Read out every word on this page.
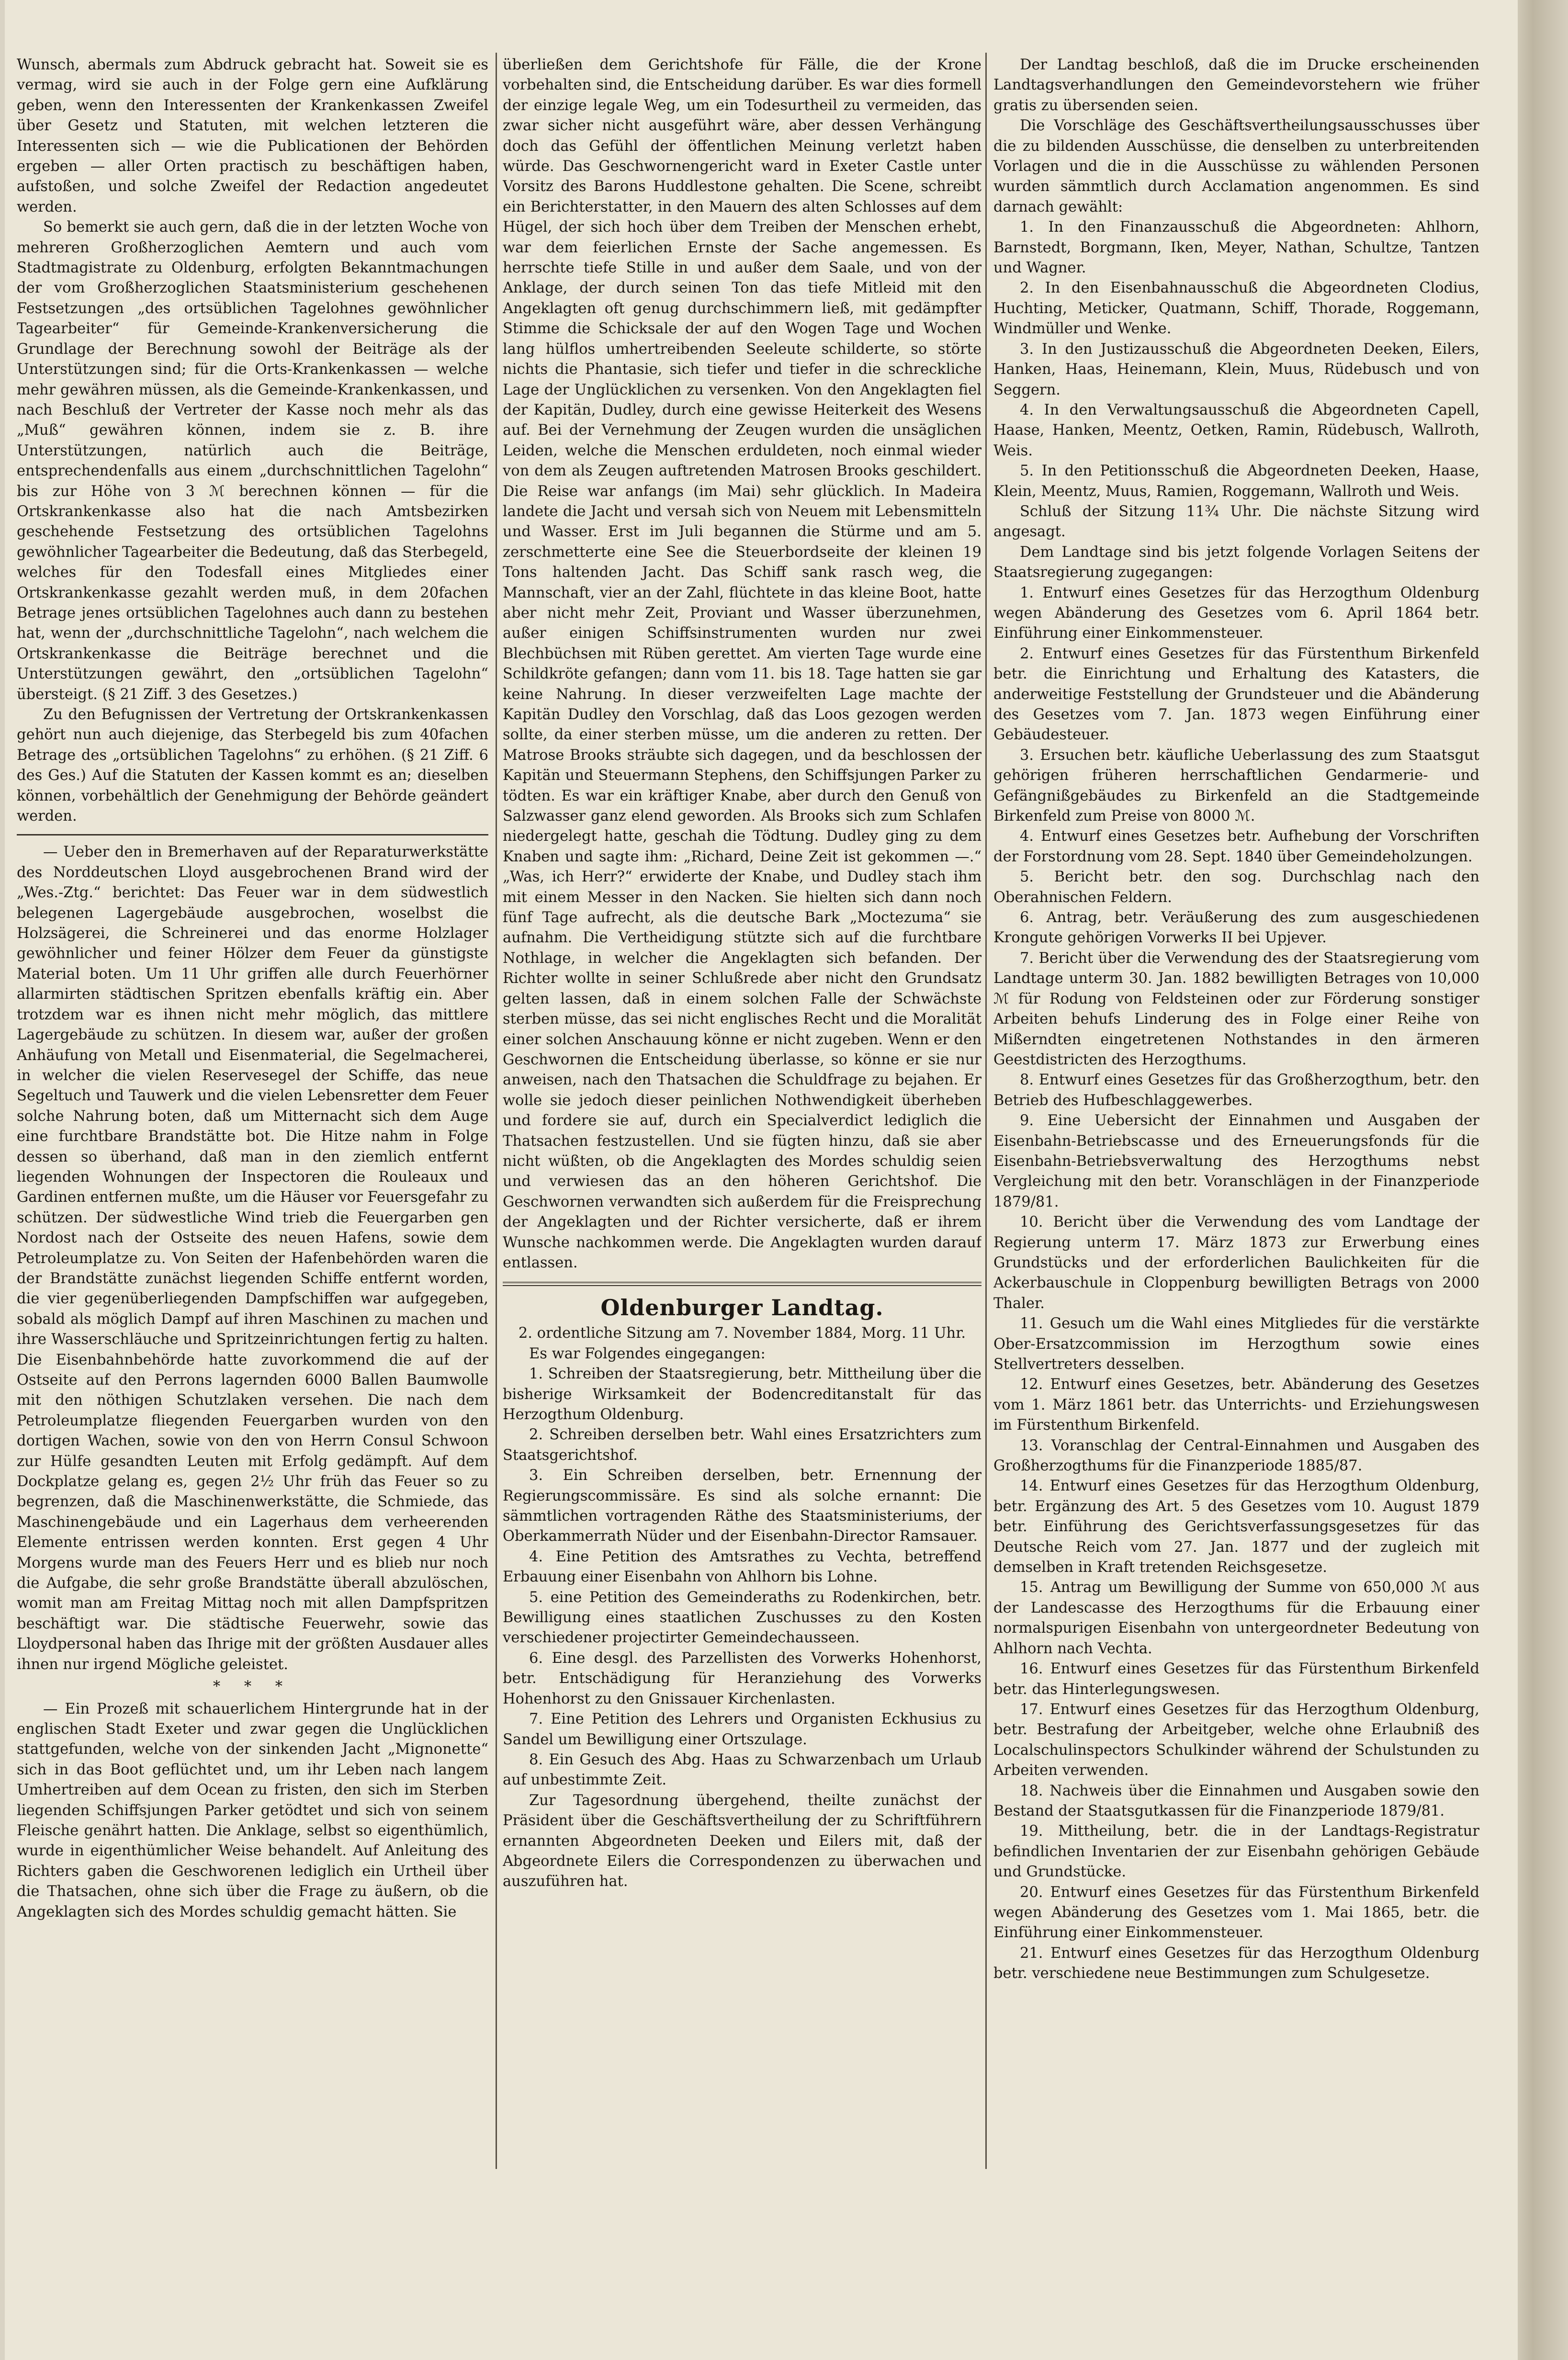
Wunsch, abermals zum Abdruck gebracht hat. Soweit sie es vermag, wird sie auch in der Folge gern eine Aufklärung geben, wenn den Interessenten der Krankenkassen Zweifel über Gesetz und Statuten, mit welchen letzteren die Interessenten sich — wie die Publicationen der Behörden ergeben — aller Orten practisch zu beschäftigen haben, aufstoßen, und solche Zweifel der Redaction angedeutet werden.

So bemerkt sie auch gern, daß die in der letzten Woche von mehreren Großherzoglichen Aemtern und auch vom Stadtmagistrate zu Oldenburg, erfolgten Bekanntmachungen der vom Großherzoglichen Staatsministerium geschehenen Festsetzungen „des ortsüblichen Tagelohnes gewöhnlicher Tagearbeiter“ für Gemeinde-Krankenversicherung die Grundlage der Berechnung sowohl der Beiträge als der Unterstützungen sind; für die Orts-Krankenkassen — welche mehr gewähren müssen, als die Gemeinde-Krankenkassen, und nach Beschluß der Vertreter der Kasse noch mehr als das „Muß“ gewähren können, indem sie z. B. ihre Unterstützungen, natürlich auch die Beiträge, entsprechendenfalls aus einem „durchschnittlichen Tagelohn“ bis zur Höhe von 3 ℳ berechnen können — für die Ortskrankenkasse also hat die nach Amtsbezirken geschehende Festsetzung des ortsüblichen Tagelohns gewöhnlicher Tagearbeiter die Bedeutung, daß das Sterbegeld, welches für den Todesfall eines Mitgliedes einer Ortskrankenkasse gezahlt werden muß, in dem 20fachen Betrage jenes ortsüblichen Tagelohnes auch dann zu bestehen hat, wenn der „durchschnittliche Tagelohn“, nach welchem die Ortskrankenkasse die Beiträge berechnet und die Unterstützungen gewährt, den „ortsüblichen Tagelohn“ übersteigt. (§ 21 Ziff. 3 des Gesetzes.)

Zu den Befugnissen der Vertretung der Ortskrankenkassen gehört nun auch diejenige, das Sterbegeld bis zum 40fachen Betrage des „ortsüblichen Tagelohns“ zu erhöhen. (§ 21 Ziff. 6 des Ges.) Auf die Statuten der Kassen kommt es an; dieselben können, vorbehältlich der Genehmigung der Behörde geändert werden.

— Ueber den in Bremerhaven auf der Reparaturwerkstätte des Norddeutschen Lloyd ausgebrochenen Brand wird der „Wes.-Ztg.“ berichtet: Das Feuer war in dem südwestlich belegenen Lagergebäude ausgebrochen, woselbst die Holzsägerei, die Schreinerei und das enorme Holzlager gewöhnlicher und feiner Hölzer dem Feuer da günstigste Material boten. Um 11 Uhr griffen alle durch Feuerhörner allarmirten städtischen Spritzen ebenfalls kräftig ein. Aber trotzdem war es ihnen nicht mehr möglich, das mittlere Lagergebäude zu schützen. In diesem war, außer der großen Anhäufung von Metall und Eisenmaterial, die Segelmacherei, in welcher die vielen Reservesegel der Schiffe, das neue Segeltuch und Tauwerk und die vielen Lebensretter dem Feuer solche Nahrung boten, daß um Mitternacht sich dem Auge eine furchtbare Brandstätte bot. Die Hitze nahm in Folge dessen so überhand, daß man in den ziemlich entfernt liegenden Wohnungen der Inspectoren die Rouleaux und Gardinen entfernen mußte, um die Häuser vor Feuersgefahr zu schützen. Der südwestliche Wind trieb die Feuergarben gen Nordost nach der Ostseite des neuen Hafens, sowie dem Petroleumplatze zu. Von Seiten der Hafenbehörden waren die der Brandstätte zunächst liegenden Schiffe entfernt worden, die vier gegenüberliegenden Dampfschiffen war aufgegeben, sobald als möglich Dampf auf ihren Maschinen zu machen und ihre Wasserschläuche und Spritzeinrichtungen fertig zu halten. Die Eisenbahnbehörde hatte zuvorkommend die auf der Ostseite auf den Perrons lagernden 6000 Ballen Baumwolle mit den nöthigen Schutzlaken versehen. Die nach dem Petroleumplatze fliegenden Feuergarben wurden von den dortigen Wachen, sowie von den von Herrn Consul Schwoon zur Hülfe gesandten Leuten mit Erfolg gedämpft. Auf dem Dockplatze gelang es, gegen 2½ Uhr früh das Feuer so zu begrenzen, daß die Maschinenwerkstätte, die Schmiede, das Maschinengebäude und ein Lagerhaus dem verheerenden Elemente entrissen werden konnten. Erst gegen 4 Uhr Morgens wurde man des Feuers Herr und es blieb nur noch die Aufgabe, die sehr große Brandstätte überall abzulöschen, womit man am Freitag Mittag noch mit allen Dampfspritzen beschäftigt war. Die städtische Feuerwehr, sowie das Lloydpersonal haben das Ihrige mit der größten Ausdauer alles ihnen nur irgend Mögliche geleistet.

* * *

— Ein Prozeß mit schauerlichem Hintergrunde hat in der englischen Stadt Exeter und zwar gegen die Unglücklichen stattgefunden, welche von der sinkenden Jacht „Mignonette“ sich in das Boot geflüchtet und, um ihr Leben nach langem Umhertreiben auf dem Ocean zu fristen, den sich im Sterben liegenden Schiffsjungen Parker getödtet und sich von seinem Fleische genährt hatten. Die Anklage, selbst so eigenthümlich, wurde in eigenthümlicher Weise behandelt. Auf Anleitung des Richters gaben die Geschworenen lediglich ein Urtheil über die Thatsachen, ohne sich über die Frage zu äußern, ob die Angeklagten sich des Mordes schuldig gemacht hätten. Sie

überließen dem Gerichtshofe für Fälle, die der Krone vorbehalten sind, die Entscheidung darüber. Es war dies formell der einzige legale Weg, um ein Todesurtheil zu vermeiden, das zwar sicher nicht ausgeführt wäre, aber dessen Verhängung doch das Gefühl der öffentlichen Meinung verletzt haben würde. Das Geschwornengericht ward in Exeter Castle unter Vorsitz des Barons Huddlestone gehalten. Die Scene, schreibt ein Berichterstatter, in den Mauern des alten Schlosses auf dem Hügel, der sich hoch über dem Treiben der Menschen erhebt, war dem feierlichen Ernste der Sache angemessen. Es herrschte tiefe Stille in und außer dem Saale, und von der Anklage, der durch seinen Ton das tiefe Mitleid mit den Angeklagten oft genug durchschimmern ließ, mit gedämpfter Stimme die Schicksale der auf den Wogen Tage und Wochen lang hülflos umhertreibenden Seeleute schilderte, so störte nichts die Phantasie, sich tiefer und tiefer in die schreckliche Lage der Unglücklichen zu versenken. Von den Angeklagten fiel der Kapitän, Dudley, durch eine gewisse Heiterkeit des Wesens auf. Bei der Vernehmung der Zeugen wurden die unsäglichen Leiden, welche die Menschen erduldeten, noch einmal wieder von dem als Zeugen auftretenden Matrosen Brooks geschildert. Die Reise war anfangs (im Mai) sehr glücklich. In Madeira landete die Jacht und versah sich von Neuem mit Lebensmitteln und Wasser. Erst im Juli begannen die Stürme und am 5. zerschmetterte eine See die Steuerbordseite der kleinen 19 Tons haltenden Jacht. Das Schiff sank rasch weg, die Mannschaft, vier an der Zahl, flüchtete in das kleine Boot, hatte aber nicht mehr Zeit, Proviant und Wasser überzunehmen, außer einigen Schiffsinstrumenten wurden nur zwei Blechbüchsen mit Rüben gerettet. Am vierten Tage wurde eine Schildkröte gefangen; dann vom 11. bis 18. Tage hatten sie gar keine Nahrung. In dieser verzweifelten Lage machte der Kapitän Dudley den Vorschlag, daß das Loos gezogen werden sollte, da einer sterben müsse, um die anderen zu retten. Der Matrose Brooks sträubte sich dagegen, und da beschlossen der Kapitän und Steuermann Stephens, den Schiffsjungen Parker zu tödten. Es war ein kräftiger Knabe, aber durch den Genuß von Salzwasser ganz elend geworden. Als Brooks sich zum Schlafen niedergelegt hatte, geschah die Tödtung. Dudley ging zu dem Knaben und sagte ihm: „Richard, Deine Zeit ist gekommen —.“ „Was, ich Herr?“ erwiderte der Knabe, und Dudley stach ihm mit einem Messer in den Nacken. Sie hielten sich dann noch fünf Tage aufrecht, als die deutsche Bark „Moctezuma“ sie aufnahm. Die Vertheidigung stützte sich auf die furchtbare Nothlage, in welcher die Angeklagten sich befanden. Der Richter wollte in seiner Schlußrede aber nicht den Grundsatz gelten lassen, daß in einem solchen Falle der Schwächste sterben müsse, das sei nicht englisches Recht und die Moralität einer solchen Anschauung könne er nicht zugeben. Wenn er den Geschwornen die Entscheidung überlasse, so könne er sie nur anweisen, nach den Thatsachen die Schuldfrage zu bejahen. Er wolle sie jedoch dieser peinlichen Nothwendigkeit überheben und fordere sie auf, durch ein Specialverdict lediglich die Thatsachen festzustellen. Und sie fügten hinzu, daß sie aber nicht wüßten, ob die Angeklagten des Mordes schuldig seien und verwiesen das an den höheren Gerichtshof. Die Geschwornen verwandten sich außerdem für die Freisprechung der Angeklagten und der Richter versicherte, daß er ihrem Wunsche nachkommen werde. Die Angeklagten wurden darauf entlassen.

Oldenburger Landtag.

2. ordentliche Sitzung am 7. November 1884, Morg. 11 Uhr.

Es war Folgendes eingegangen:

1. Schreiben der Staatsregierung, betr. Mittheilung über die bisherige Wirksamkeit der Bodencreditanstalt für das Herzogthum Oldenburg.

2. Schreiben derselben betr. Wahl eines Ersatzrichters zum Staatsgerichtshof.

3. Ein Schreiben derselben, betr. Ernennung der Regierungscommissäre. Es sind als solche ernannt: Die sämmtlichen vortragenden Räthe des Staatsministeriums, der Oberkammerrath Nüder und der Eisenbahn-Director Ramsauer.

4. Eine Petition des Amtsrathes zu Vechta, betreffend Erbauung einer Eisenbahn von Ahlhorn bis Lohne.

5. eine Petition des Gemeinderaths zu Rodenkirchen, betr. Bewilligung eines staatlichen Zuschusses zu den Kosten verschiedener projectirter Gemeindechausseen.

6. Eine desgl. des Parzellisten des Vorwerks Hohenhorst, betr. Entschädigung für Heranziehung des Vorwerks Hohenhorst zu den Gnissauer Kirchenlasten.

7. Eine Petition des Lehrers und Organisten Eckhusius zu Sandel um Bewilligung einer Ortszulage.

8. Ein Gesuch des Abg. Haas zu Schwarzenbach um Urlaub auf unbestimmte Zeit.

Zur Tagesordnung übergehend, theilte zunächst der Präsident über die Geschäftsvertheilung der zu Schriftführern ernannten Abgeordneten Deeken und Eilers mit, daß der Abgeordnete Eilers die Correspondenzen zu überwachen und auszuführen hat.

Der Landtag beschloß, daß die im Drucke erscheinenden Landtagsverhandlungen den Gemeindevorstehern wie früher gratis zu übersenden seien.

Die Vorschläge des Geschäftsvertheilungsausschusses über die zu bildenden Ausschüsse, die denselben zu unterbreitenden Vorlagen und die in die Ausschüsse zu wählenden Personen wurden sämmtlich durch Acclamation angenommen. Es sind darnach gewählt:

1. In den Finanzausschuß die Abgeordneten: Ahlhorn, Barnstedt, Borgmann, Iken, Meyer, Nathan, Schultze, Tantzen und Wagner.

2. In den Eisenbahnausschuß die Abgeordneten Clodius, Huchting, Meticker, Quatmann, Schiff, Thorade, Roggemann, Windmüller und Wenke.

3. In den Justizausschuß die Abgeordneten Deeken, Eilers, Hanken, Haas, Heinemann, Klein, Muus, Rüdebusch und von Seggern.

4. In den Verwaltungsausschuß die Abgeordneten Capell, Haase, Hanken, Meentz, Oetken, Ramin, Rüdebusch, Wallroth, Weis.

5. In den Petitionsschuß die Abgeordneten Deeken, Haase, Klein, Meentz, Muus, Ramien, Roggemann, Wallroth und Weis.

Schluß der Sitzung 11¾ Uhr. Die nächste Sitzung wird angesagt.

Dem Landtage sind bis jetzt folgende Vorlagen Seitens der Staatsregierung zugegangen:

1. Entwurf eines Gesetzes für das Herzogthum Oldenburg wegen Abänderung des Gesetzes vom 6. April 1864 betr. Einführung einer Einkommensteuer.

2. Entwurf eines Gesetzes für das Fürstenthum Birkenfeld betr. die Einrichtung und Erhaltung des Katasters, die anderweitige Feststellung der Grundsteuer und die Abänderung des Gesetzes vom 7. Jan. 1873 wegen Einführung einer Gebäudesteuer.

3. Ersuchen betr. käufliche Ueberlassung des zum Staatsgut gehörigen früheren herrschaftlichen Gendarmerie- und Gefängnißgebäudes zu Birkenfeld an die Stadtgemeinde Birkenfeld zum Preise von 8000 ℳ.

4. Entwurf eines Gesetzes betr. Aufhebung der Vorschriften der Forstordnung vom 28. Sept. 1840 über Gemeindeholzungen.

5. Bericht betr. den sog. Durchschlag nach den Oberahnischen Feldern.

6. Antrag, betr. Veräußerung des zum ausgeschiedenen Krongute gehörigen Vorwerks II bei Upjever.

7. Bericht über die Verwendung des der Staatsregierung vom Landtage unterm 30. Jan. 1882 bewilligten Betrages von 10,000 ℳ für Rodung von Feldsteinen oder zur Förderung sonstiger Arbeiten behufs Linderung des in Folge einer Reihe von Mißerndten eingetretenen Nothstandes in den ärmeren Geestdistricten des Herzogthums.

8. Entwurf eines Gesetzes für das Großherzogthum, betr. den Betrieb des Hufbeschlaggewerbes.

9. Eine Uebersicht der Einnahmen und Ausgaben der Eisenbahn-Betriebscasse und des Erneuerungsfonds für die Eisenbahn-Betriebsverwaltung des Herzogthums nebst Vergleichung mit den betr. Voranschlägen in der Finanzperiode 1879/81.

10. Bericht über die Verwendung des vom Landtage der Regierung unterm 17. März 1873 zur Erwerbung eines Grundstücks und der erforderlichen Baulichkeiten für die Ackerbauschule in Cloppenburg bewilligten Betrags von 2000 Thaler.

11. Gesuch um die Wahl eines Mitgliedes für die verstärkte Ober-Ersatzcommission im Herzogthum sowie eines Stellvertreters desselben.

12. Entwurf eines Gesetzes, betr. Abänderung des Gesetzes vom 1. März 1861 betr. das Unterrichts- und Erziehungswesen im Fürstenthum Birkenfeld.

13. Voranschlag der Central-Einnahmen und Ausgaben des Großherzogthums für die Finanzperiode 1885/87.

14. Entwurf eines Gesetzes für das Herzogthum Oldenburg, betr. Ergänzung des Art. 5 des Gesetzes vom 10. August 1879 betr. Einführung des Gerichtsverfassungsgesetzes für das Deutsche Reich vom 27. Jan. 1877 und der zugleich mit demselben in Kraft tretenden Reichsgesetze.

15. Antrag um Bewilligung der Summe von 650,000 ℳ aus der Landescasse des Herzogthums für die Erbauung einer normalspurigen Eisenbahn von untergeordneter Bedeutung von Ahlhorn nach Vechta.

16. Entwurf eines Gesetzes für das Fürstenthum Birkenfeld betr. das Hinterlegungswesen.

17. Entwurf eines Gesetzes für das Herzogthum Oldenburg, betr. Bestrafung der Arbeitgeber, welche ohne Erlaubniß des Localschulinspectors Schulkinder während der Schulstunden zu Arbeiten verwenden.

18. Nachweis über die Einnahmen und Ausgaben sowie den Bestand der Staatsgutkassen für die Finanzperiode 1879/81.

19. Mittheilung, betr. die in der Landtags-Registratur befindlichen Inventarien der zur Eisenbahn gehörigen Gebäude und Grundstücke.

20. Entwurf eines Gesetzes für das Fürstenthum Birkenfeld wegen Abänderung des Gesetzes vom 1. Mai 1865, betr. die Einführung einer Einkommensteuer.

21. Entwurf eines Gesetzes für das Herzogthum Oldenburg betr. verschiedene neue Bestimmungen zum Schulgesetze.
